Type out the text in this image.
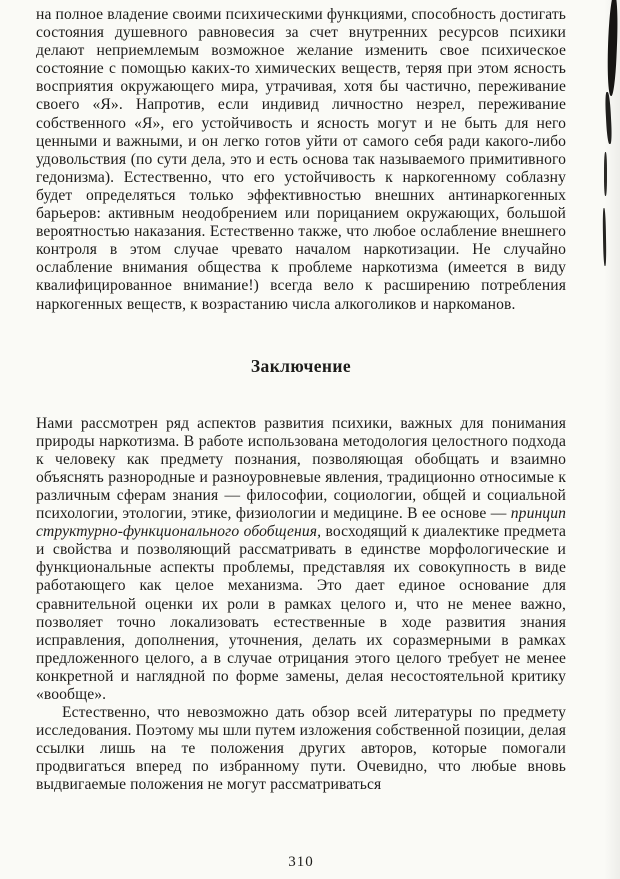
на полное владение своими психическими функциями, способность достигать состояния душевного равновесия за счет внутренних ресурсов психики делают неприемлемым возможное желание изменить свое психическое состояние с помощью каких-то химических веществ, теряя при этом ясность восприятия окружающего мира, утрачивая, хотя бы частично, переживание своего «Я». Напротив, если индивид личностно незрел, переживание собственного «Я», его устойчивость и ясность могут и не быть для него ценными и важными, и он легко готов уйти от самого себя ради какого-либо удовольствия (по сути дела, это и есть основа так называемого примитивного гедонизма). Естественно, что его устойчивость к наркогенному соблазну будет определяться только эффективностью внешних антинаркогенных барьеров: активным неодобрением или порицанием окружающих, большой вероятностью наказания. Естественно также, что любое ослабление внешнего контроля в этом случае чревато началом наркотизации. Не случайно ослабление внимания общества к проблеме наркотизма (имеется в виду квалифицированное внимание!) всегда вело к расширению потребления наркогенных веществ, к возрастанию числа алкоголиков и наркоманов.

Заключение

Нами рассмотрен ряд аспектов развития психики, важных для понимания природы наркотизма. В работе использована методология целостного подхода к человеку как предмету познания, позволяющая обобщать и взаимно объяснять разнородные и разноуровневые явления, традиционно относимые к различным сферам знания — философии, социологии, общей и социальной психологии, этологии, этике, физиологии и медицине. В ее основе — принцип структурно-функционального обобщения, восходящий к диалектике предмета и свойства и позволяющий рассматривать в единстве морфологические и функциональные аспекты проблемы, представляя их совокупность в виде работающего как целое механизма. Это дает единое основание для сравнительной оценки их роли в рамках целого и, что не менее важно, позволяет точно локализовать естественные в ходе развития знания исправления, дополнения, уточнения, делать их соразмерными в рамках предложенного целого, а в случае отрицания этого целого требует не менее конкретной и наглядной по форме замены, делая несостоятельной критику «вообще».

Естественно, что невозможно дать обзор всей литературы по предмету исследования. Поэтому мы шли путем изложения собственной позиции, делая ссылки лишь на те положения других авторов, которые помогали продвигаться вперед по избранному пути. Очевидно, что любые вновь выдвигаемые положения не могут рассматриваться

310
